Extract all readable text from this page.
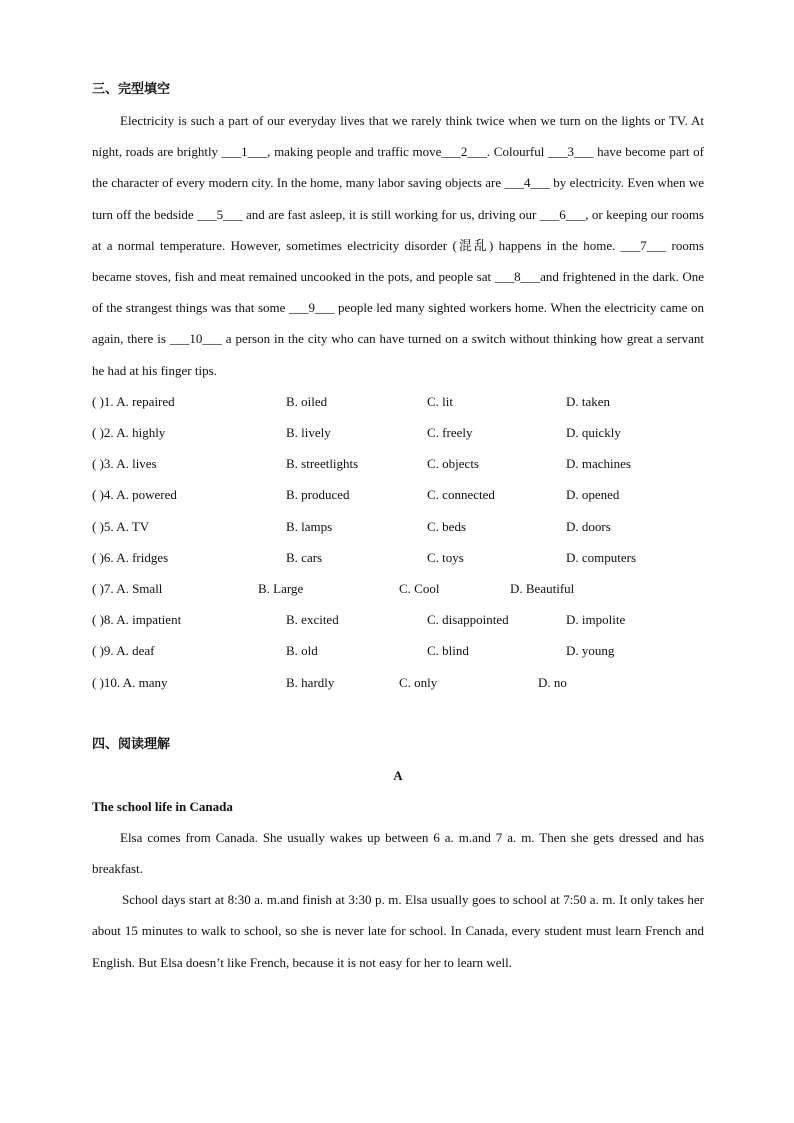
三、完型填空

Electricity is such a part of our everyday lives that we rarely think twice when we turn on the lights or TV. At night, roads are brightly ___1___, making people and traffic move___2___. Colourful ___3___ have become part of the character of every modern city. In the home, many labor saving objects are ___4___ by electricity. Even when we turn off the bedside ___5___ and are fast asleep, it is still working for us, driving our ___6___, or keeping our rooms at a normal temperature. However, sometimes electricity disorder (混乱) happens in the home. ___7___ rooms became stoves, fish and meat remained uncooked in the pots, and people sat ___8___and frightened in the dark. One of the strangest things was that some ___9___ people led many sighted workers home. When the electricity came on again, there is ___10___ a person in the city who can have turned on a switch without thinking how great a servant he had at his finger tips.

( )1. A. repaired	B. oiled	C. lit	D. taken
( )2. A. highly	B. lively	C. freely	D. quickly
( )3. A. lives	B. streetlights	C. objects	D. machines
( )4. A. powered	B. produced	C. connected	D. opened
( )5. A. TV	B. lamps	C. beds	D. doors
( )6. A. fridges	B. cars	C. toys	D. computers
( )7. A. Small	B. Large	C. Cool	D. Beautiful
( )8. A. impatient	B. excited	C. disappointed	D. impolite
( )9. A. deaf	B. old	C. blind	D. young
( )10. A. many	B. hardly	C. only	D. no
四、阅读理解
A
The school life in Canada

Elsa comes from Canada. She usually wakes up between 6 a. m.and 7 a. m. Then she gets dressed and has breakfast.

School days start at 8:30 a. m.and finish at 3:30 p. m. Elsa usually goes to school at 7:50 a. m. It only takes her about 15 minutes to walk to school, so she is never late for school. In Canada, every student must learn French and English. But Elsa doesn’t like French, because it is not easy for her to learn well.
